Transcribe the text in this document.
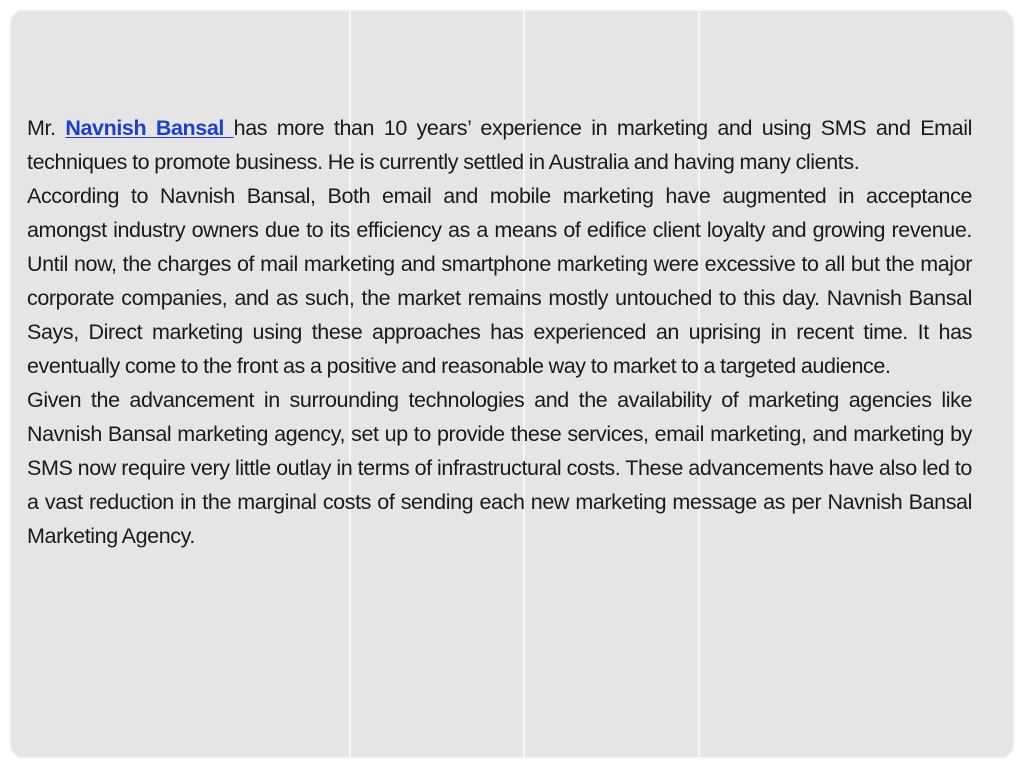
Mr. Navnish Bansal has more than 10 years’ experience in marketing and using SMS and Email techniques to promote business. He is currently settled in Australia and having many clients.

According to Navnish Bansal, Both email and mobile marketing have augmented in acceptance amongst industry owners due to its efficiency as a means of edifice client loyalty and growing revenue. Until now, the charges of mail marketing and smartphone marketing were excessive to all but the major corporate companies, and as such, the market remains mostly untouched to this day. Navnish Bansal Says, Direct marketing using these approaches has experienced an uprising in recent time. It has eventually come to the front as a positive and reasonable way to market to a targeted audience.

Given the advancement in surrounding technologies and the availability of marketing agencies like Navnish Bansal marketing agency, set up to provide these services, email marketing, and marketing by SMS now require very little outlay in terms of infrastructural costs. These advancements have also led to a vast reduction in the marginal costs of sending each new marketing message as per Navnish Bansal Marketing Agency.
